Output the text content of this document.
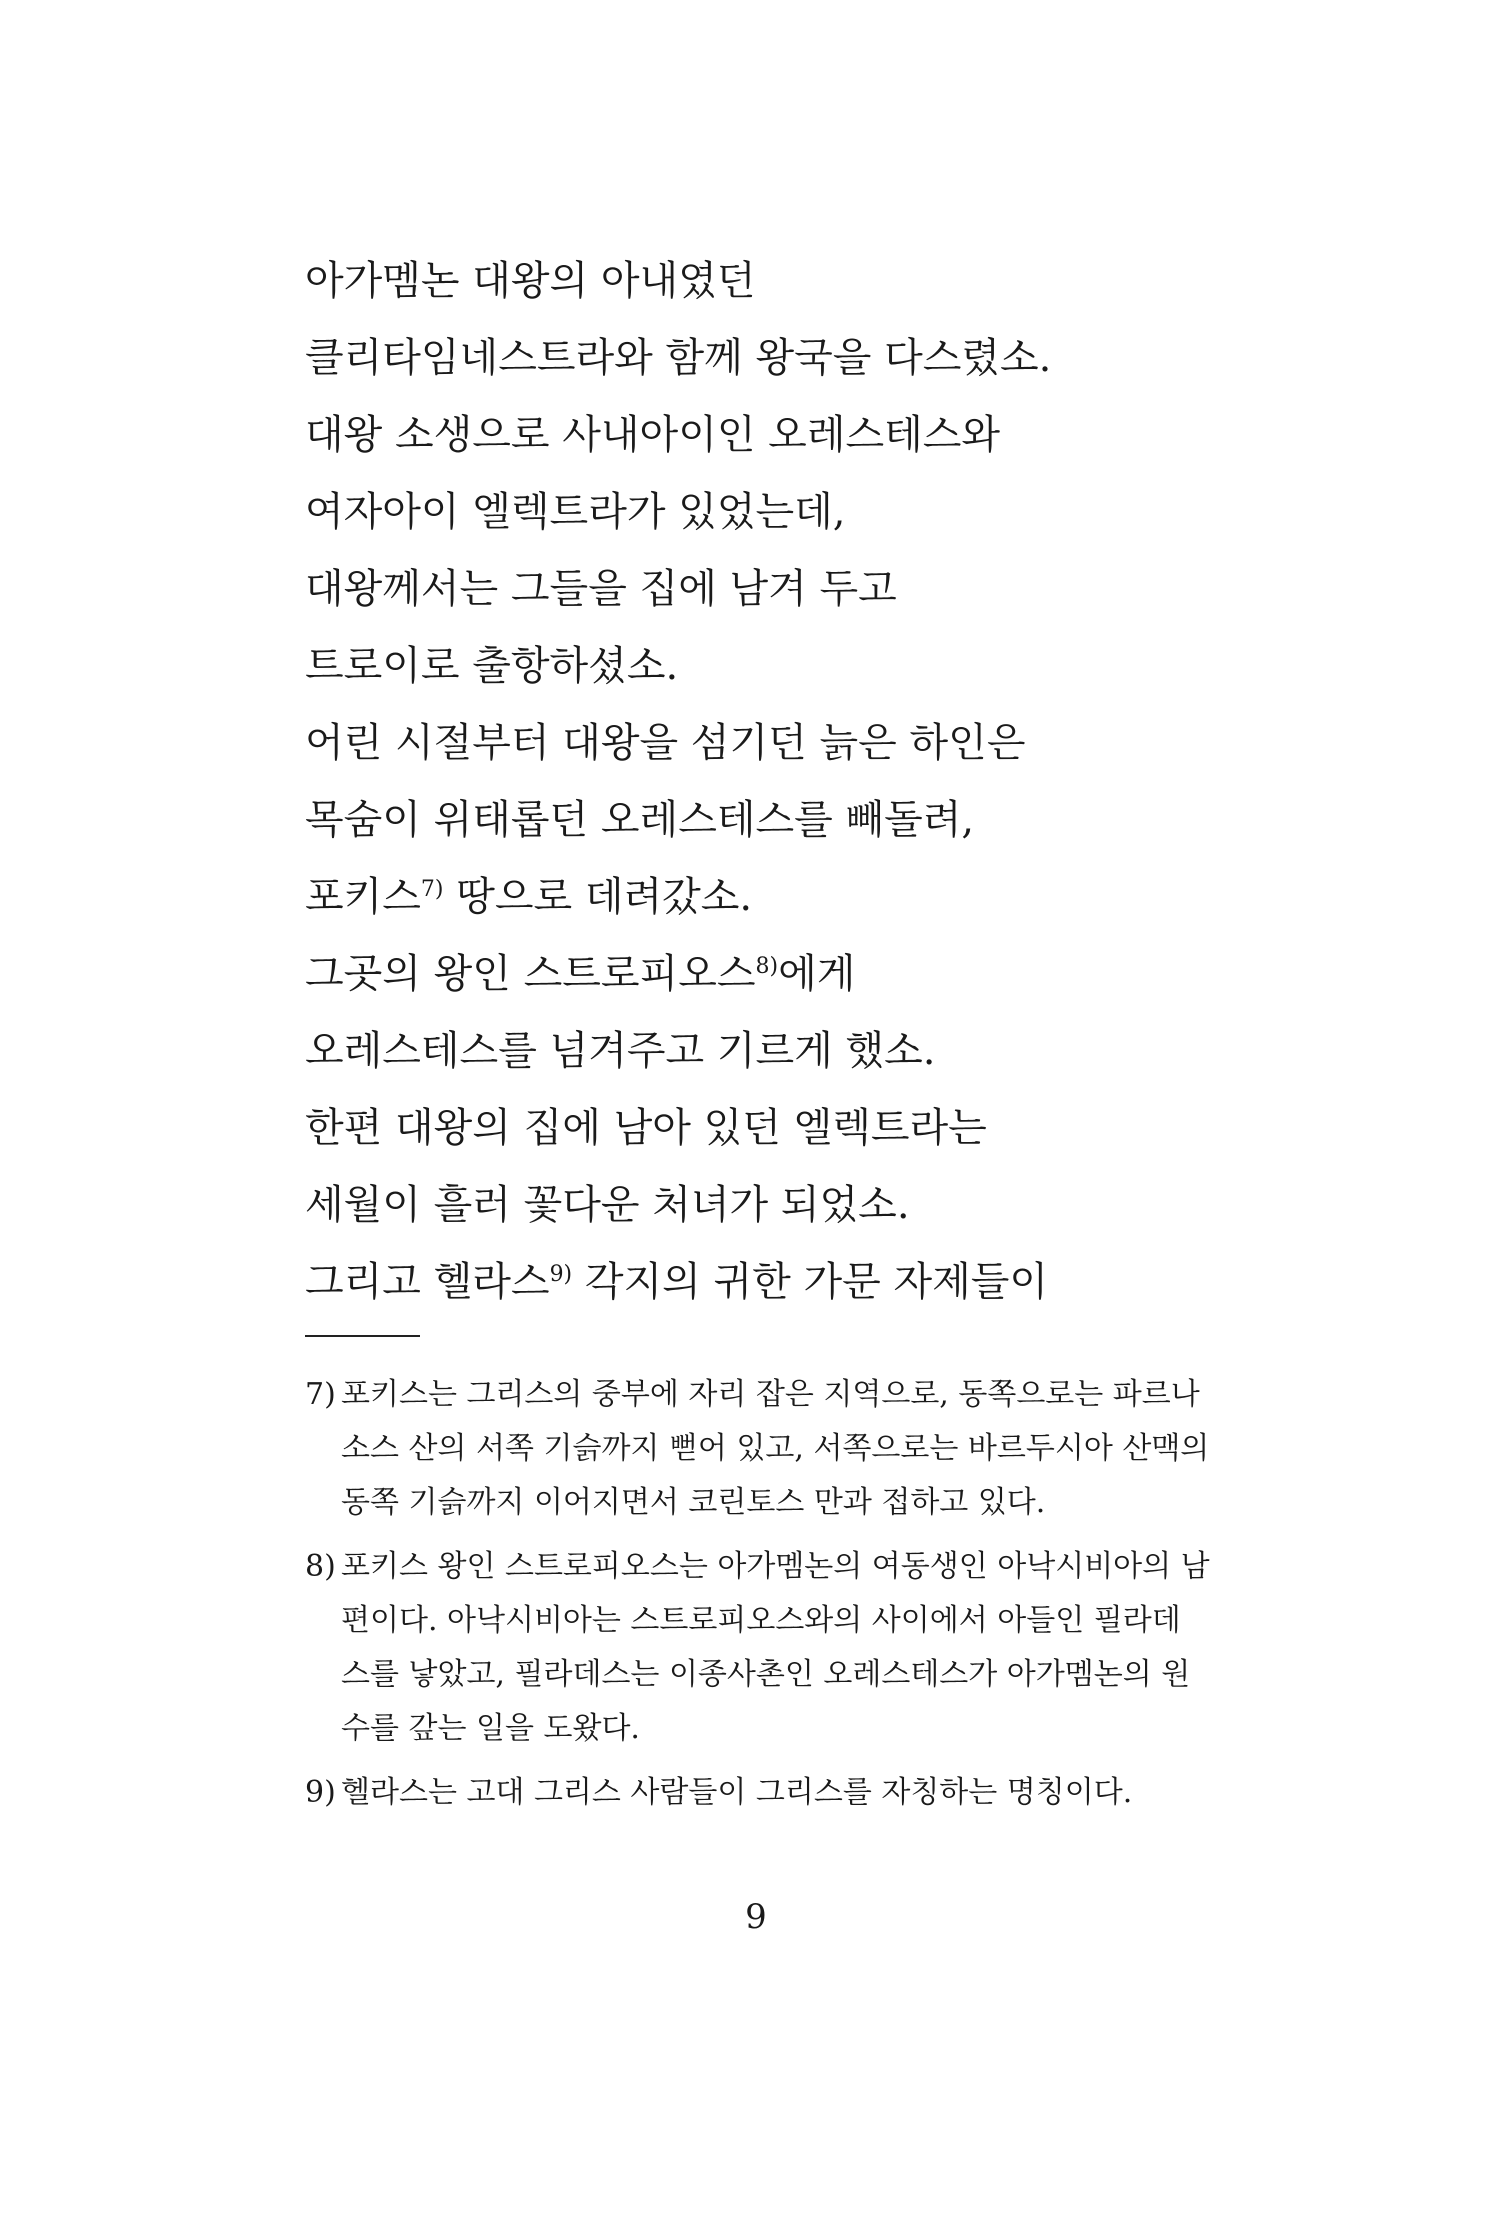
아가멤논 대왕의 아내였던
클리타임네스트라와 함께 왕국을 다스렸소.
대왕 소생으로 사내아이인 오레스테스와
여자아이 엘렉트라가 있었는데,
대왕께서는 그들을 집에 남겨 두고
트로이로 출항하셨소.
어린 시절부터 대왕을 섬기던 늙은 하인은
목숨이 위태롭던 오레스테스를 빼돌려,
포키스$^{7)}$ 땅으로 데려갔소.
그곳의 왕인 스트로피오스$^{8)}$에게
오레스테스를 넘겨주고 기르게 했소.
한편 대왕의 집에 남아 있던 엘렉트라는
세월이 흘러 꽃다운 처녀가 되었소.
그리고 헬라스$^{9)}$ 각지의 귀한 가문 자제들이
7) 포키스는 그리스의 중부에 자리 잡은 지역으로, 동쪽으로는 파르나
소스 산의 서쪽 기슭까지 뻗어 있고, 서쪽으로는 바르두시아 산맥의
동쪽 기슭까지 이어지면서 코린토스 만과 접하고 있다.
8) 포키스 왕인 스트로피오스는 아가멤논의 여동생인 아낙시비아의 남
편이다. 아낙시비아는 스트로피오스와의 사이에서 아들인 필라데
스를 낳았고, 필라데스는 이종사촌인 오레스테스가 아가멤논의 원
수를 갚는 일을 도왔다.
9) 헬라스는 고대 그리스 사람들이 그리스를 자칭하는 명칭이다.
9
